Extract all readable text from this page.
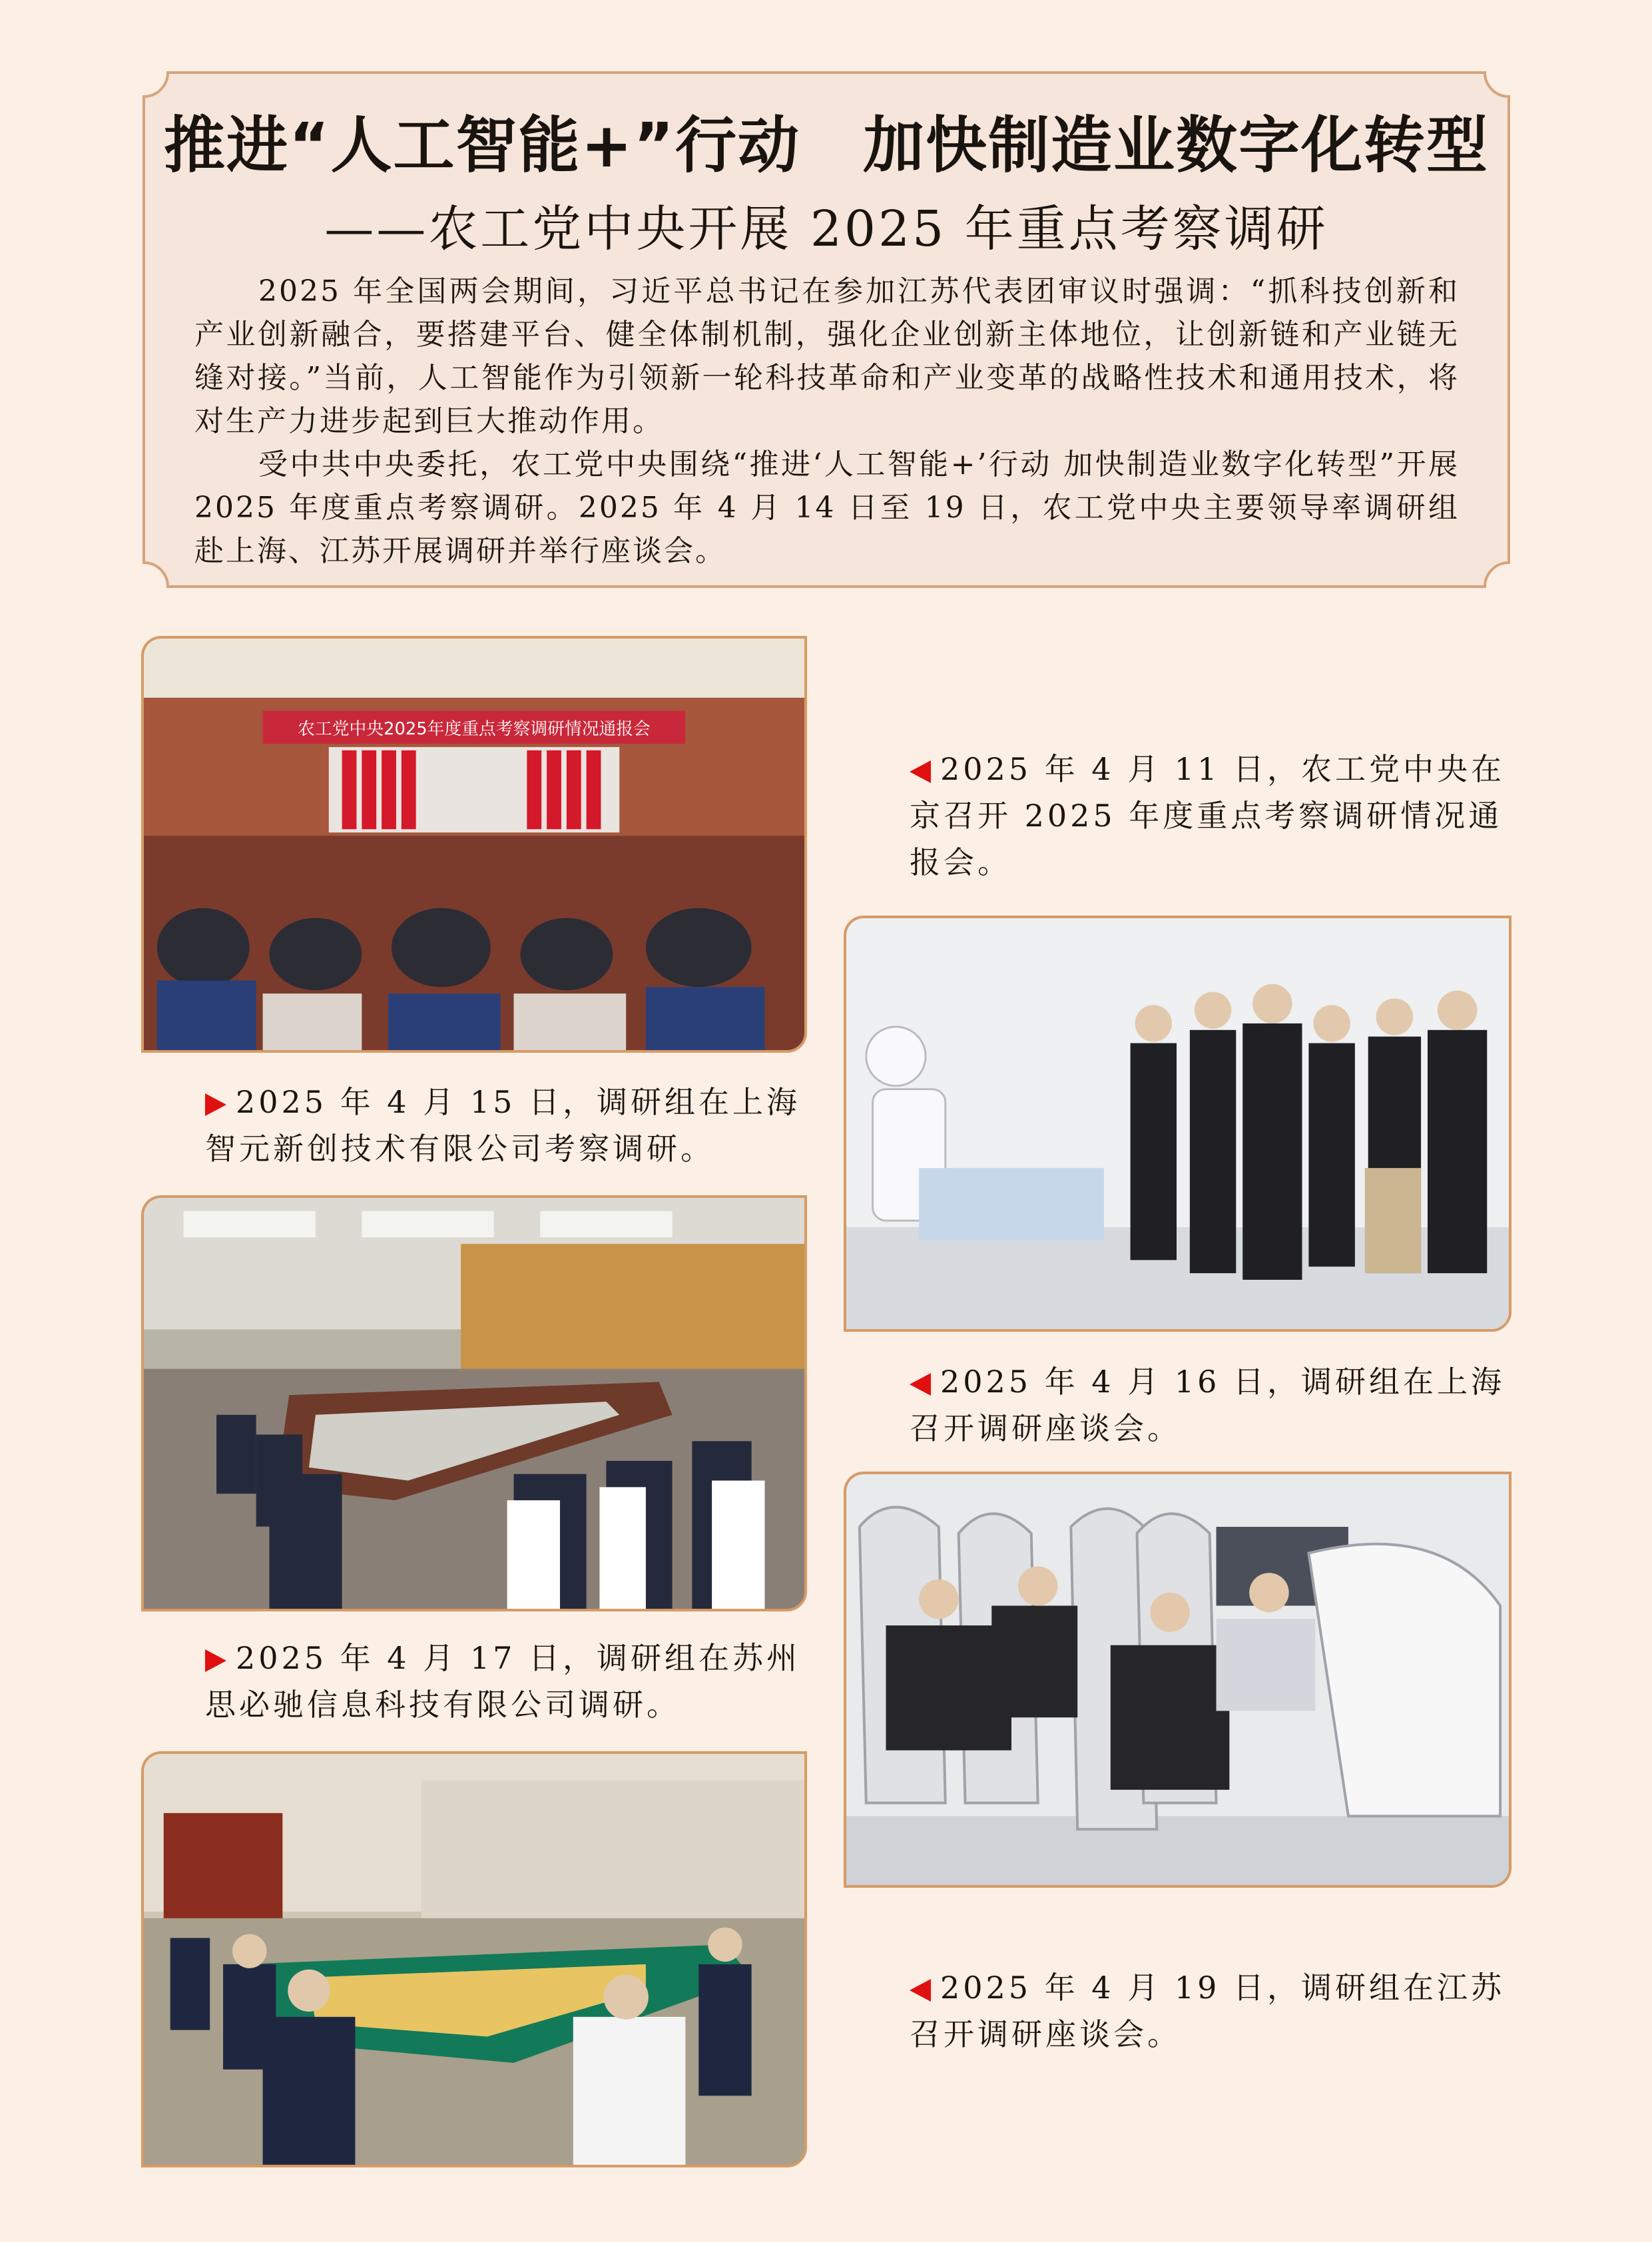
推进“人工智能+”行动　加快制造业数字化转型
——农工党中央开展 2025 年重点考察调研

2025 年全国两会期间，习近平总书记在参加江苏代表团审议时强调：“抓科技创新和产业创新融合，要搭建平台、健全体制机制，强化企业创新主体地位，让创新链和产业链无缝对接。”当前，人工智能作为引领新一轮科技革命和产业变革的战略性技术和通用技术，将对生产力进步起到巨大推动作用。

受中共中央委托，农工党中央围绕“推进‘人工智能+’行动 加快制造业数字化转型”开展 2025 年度重点考察调研。2025 年 4 月 14 日至 19 日，农工党中央主要领导率调研组赴上海、江苏开展调研并举行座谈会。

农工党中央2025年度重点考察调研情况通报会
2025 年 4 月 11 日，农工党中央在京召开 2025 年度重点考察调研情况通报会。
2025 年 4 月 15 日，调研组在上海智元新创技术有限公司考察调研。
2025 年 4 月 16 日，调研组在上海召开调研座谈会。
2025 年 4 月 17 日，调研组在苏州思必驰信息科技有限公司调研。
2025 年 4 月 19 日，调研组在江苏召开调研座谈会。
